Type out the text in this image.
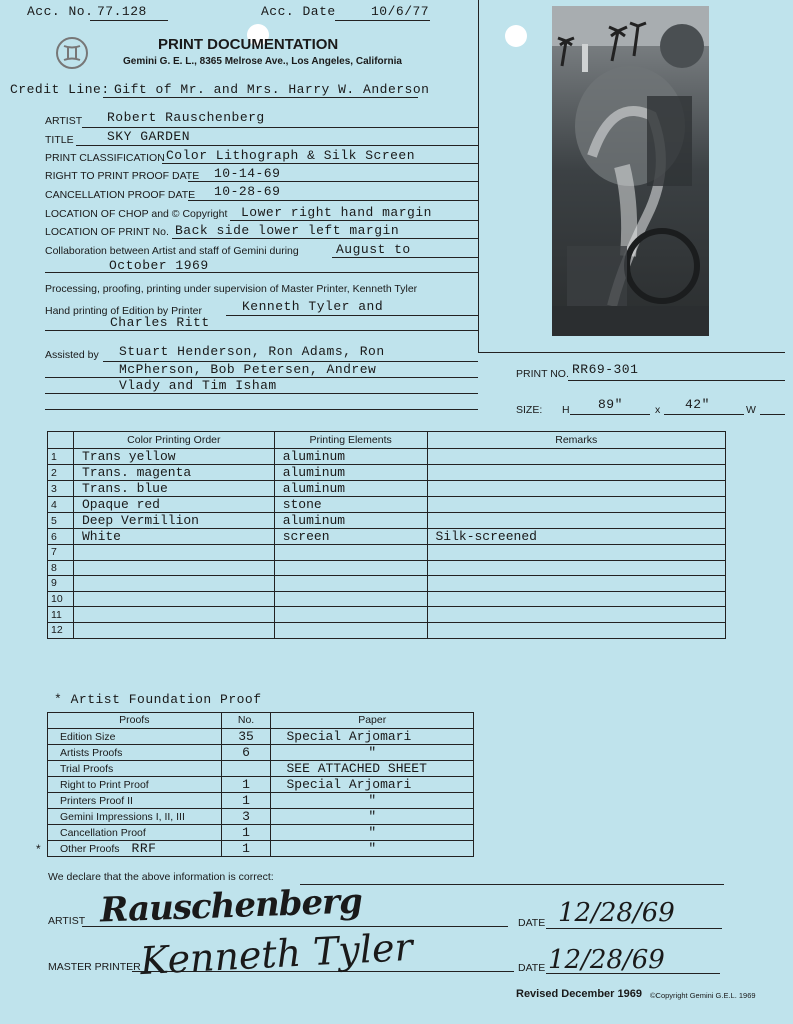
Acc. No. 77.128	Acc. Date	10/6/77
PRINT DOCUMENTATION
Gemini G. E. L., 8365 Melrose Ave., Los Angeles, California
Credit Line: Gift of Mr. and Mrs. Harry W. Anderson
ARTIST Robert Rauschenberg
TITLE	SKY GARDEN
PRINT CLASSIFICATION Color Lithograph & Silk Screen
RIGHT TO PRINT PROOF DATE 10-14-69
CANCELLATION PROOF DATE 10-28-69
LOCATION OF CHOP and © Copyright Lower right hand margin
LOCATION OF PRINT No. Back side lower left margin
Collaboration between Artist and staff of Gemini during	August to
October 1969
Processing, proofing, printing under supervision of Master Printer, Kenneth Tyler
Hand printing of Edition by Printer	Kenneth Tyler and
Charles Ritt
Assisted by Stuart Henderson, Ron Adams, Ron
McPherson, Bob Petersen, Andrew
Vlady and Tim Isham
PRINT NO. RR69-301
SIZE: H 89"	x 42"	W
	Color Printing Order	Printing Elements	Remarks
1	Trans yellow	aluminum	
2	Trans. magenta	aluminum	
3	Trans. blue	aluminum	
4	Opaque red	stone	
5	Deep Vermillion	aluminum	
6	White	screen	Silk-screened
7			
8			
9			
10			
11			
12			
* Artist Foundation Proof
Proofs	No.	Paper
Edition Size	35	Special Arjomari
Artists Proofs	6	"
Trial Proofs		SEE ATTACHED SHEET
Right to Print Proof	1	Special Arjomari
Printers Proof II	1	"
Gemini Impressions I, II, III	3	"
Cancellation Proof	1	"
Other Proofs RRF	1	"
*
We declare that the above information is correct:
ARTIST Rauschenberg	DATE 12/28/69
MASTER PRINTER
Kenneth Tyler	DATE 12/28/69
Revised December 1969 ©Copyright Gemini G.E.L. 1969
